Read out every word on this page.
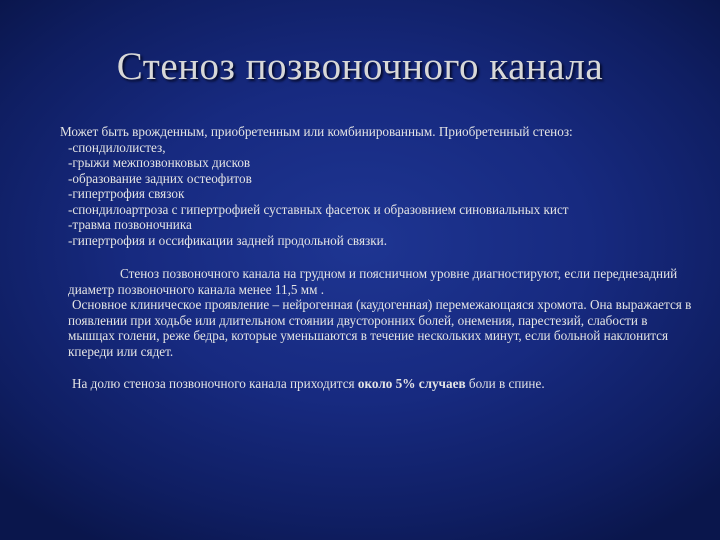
Стеноз позвоночного канала
Может быть врожденным, приобретенным или комбинированным. Приобретенный стеноз:
-спондилолистез,
-грыжи межпозвонковых дисков
-образование задних остеофитов
-гипертрофия связок
-спондилоартроза с гипертрофией суставных фасеток и образовнием синовиальных кист
-травма позвоночника
-гипертрофия и оссификации задней продольной связки.
Стеноз позвоночного канала на грудном и поясничном уровне диагностируют, если переднезадний диаметр позвоночного канала менее 11,5 мм .
Основное клиническое проявление – нейрогенная (каудогенная) перемежающаяся хромота. Она выражается в появлении при ходьбе или длительном стоянии двусторонних болей, онемения, парестезий, слабости в мышцах голени, реже бедра, которые уменьшаются в течение нескольких минут, если больной наклонится кпереди или сядет.
На долю стеноза позвоночного канала приходится около 5% случаев боли в спине.
